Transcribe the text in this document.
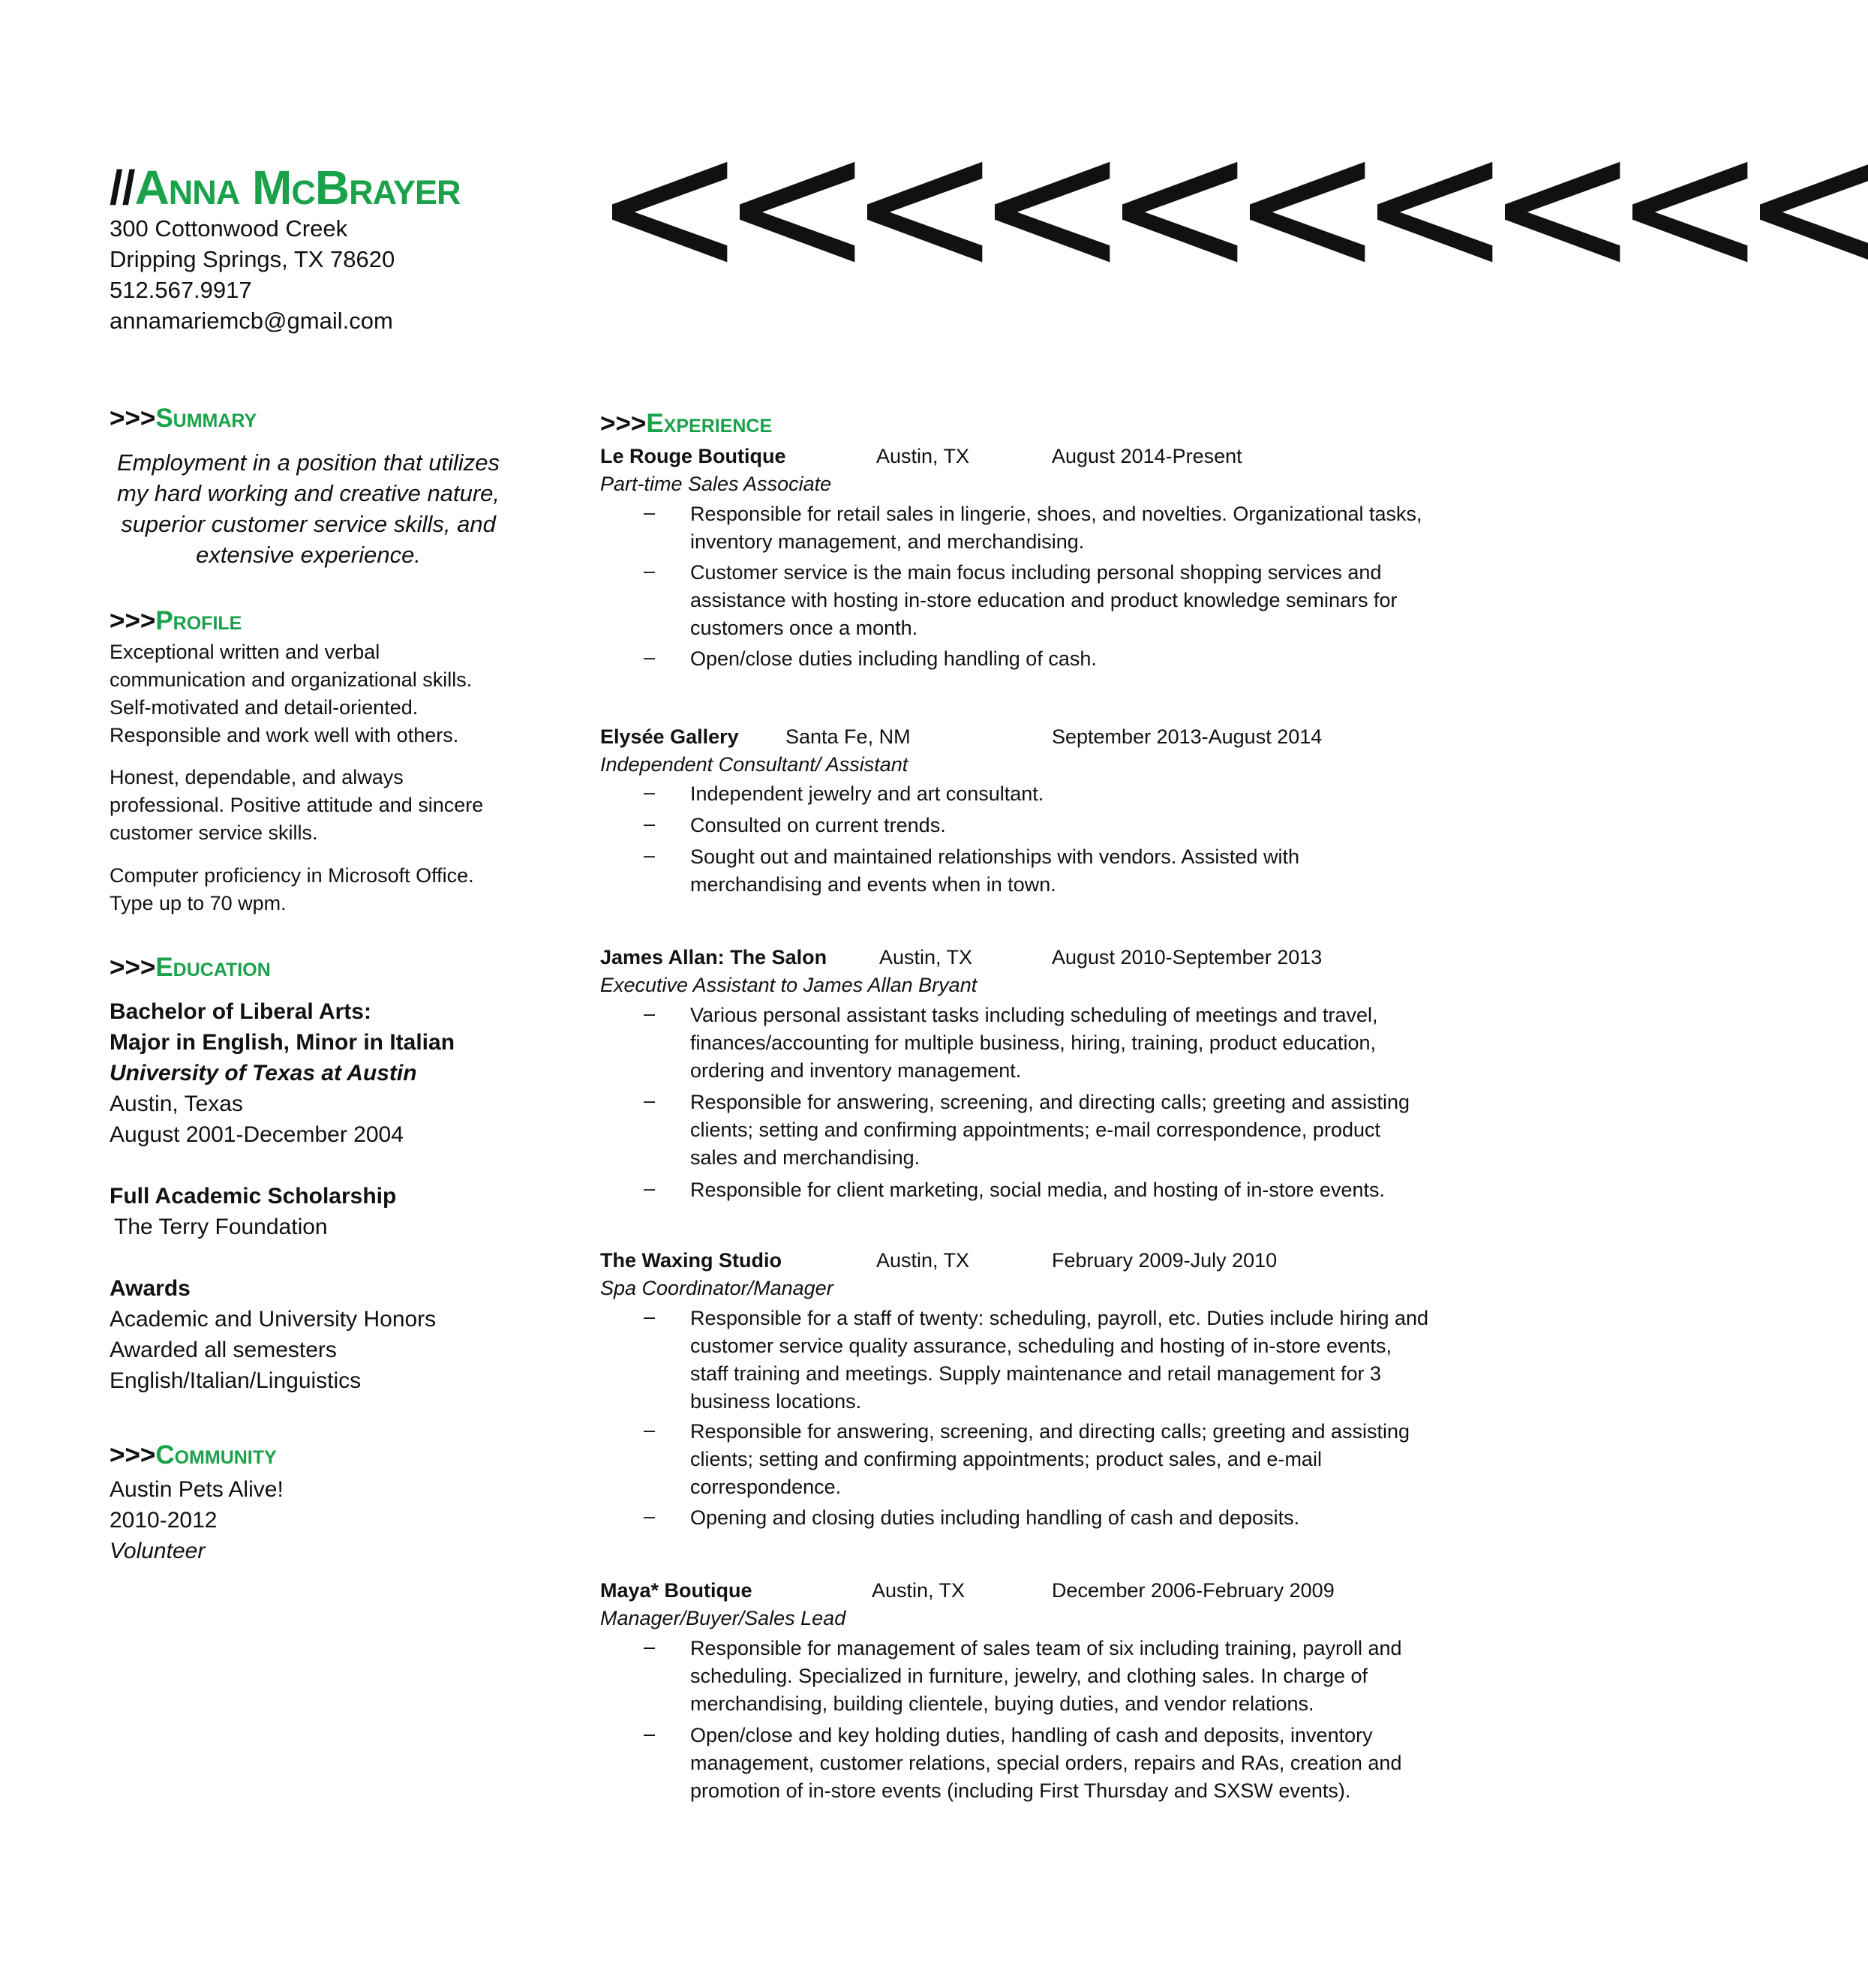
//Anna McBrayer
300 Cottonwood Creek
Dripping Springs, TX 78620
512.567.9917
annamariemcb@gmail.com
<<<<<<<<<<
>>>Summary
Employment in a position that utilizes my hard working and creative nature, superior customer service skills, and extensive experience.
>>>Profile
Exceptional written and verbal communication and organizational skills. Self-motivated and detail-oriented. Responsible and work well with others.
Honest, dependable, and always professional. Positive attitude and sincere customer service skills.
Computer proficiency in Microsoft Office. Type up to 70 wpm.
>>>Education
Bachelor of Liberal Arts:
Major in English, Minor in Italian
University of Texas at Austin
Austin, Texas
August 2001-December 2004
Full Academic Scholarship
The Terry Foundation
Awards
Academic and University Honors
Awarded all semesters
English/Italian/Linguistics
>>>Community
Austin Pets Alive!
2010-2012
Volunteer
>>>Experience
Le Rouge Boutique	Austin, TX	August 2014-Present
Part-time Sales Associate
– Responsible for retail sales in lingerie, shoes, and novelties. Organizational tasks, inventory management, and merchandising.
– Customer service is the main focus including personal shopping services and assistance with hosting in-store education and product knowledge seminars for customers once a month.
– Open/close duties including handling of cash.
Elysée Gallery Santa Fe, NM	September 2013-August 2014
Independent Consultant/ Assistant
– Independent jewelry and art consultant.
– Consulted on current trends.
– Sought out and maintained relationships with vendors. Assisted with merchandising and events when in town.
James Allan: The Salon	Austin, TX	August 2010-September 2013
Executive Assistant to James Allan Bryant
– Various personal assistant tasks including scheduling of meetings and travel, finances/accounting for multiple business, hiring, training, product education, ordering and inventory management.
– Responsible for answering, screening, and directing calls; greeting and assisting clients; setting and confirming appointments; e-mail correspondence, product sales and merchandising.
– Responsible for client marketing, social media, and hosting of in-store events.
The Waxing Studio	Austin, TX	February 2009-July 2010
Spa Coordinator/Manager
– Responsible for a staff of twenty: scheduling, payroll, etc. Duties include hiring and customer service quality assurance, scheduling and hosting of in-store events, staff training and meetings. Supply maintenance and retail management for 3 business locations.
– Responsible for answering, screening, and directing calls; greeting and assisting clients; setting and confirming appointments; product sales, and e-mail correspondence.
– Opening and closing duties including handling of cash and deposits.
Maya* Boutique	Austin, TX	December 2006-February 2009
Manager/Buyer/Sales Lead
– Responsible for management of sales team of six including training, payroll and scheduling. Specialized in furniture, jewelry, and clothing sales. In charge of merchandising, building clientele, buying duties, and vendor relations.
– Open/close and key holding duties, handling of cash and deposits, inventory management, customer relations, special orders, repairs and RAs, creation and promotion of in-store events (including First Thursday and SXSW events).
